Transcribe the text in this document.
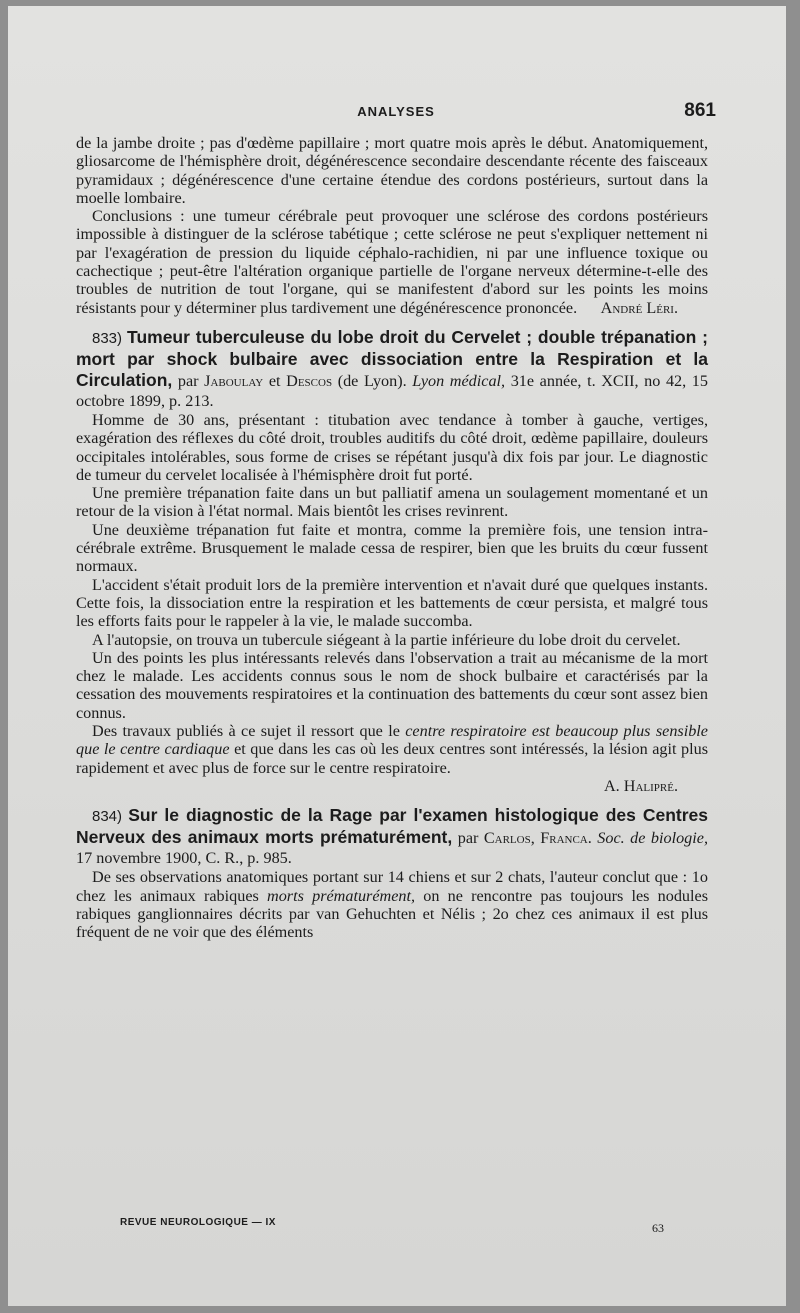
ANALYSES	861

de la jambe droite ; pas d'œdème papillaire ; mort quatre mois après le début. Anatomiquement, gliosarcome de l'hémisphère droit, dégénérescence secondaire descendante récente des faisceaux pyramidaux ; dégénérescence d'une certaine étendue des cordons postérieurs, surtout dans la moelle lombaire.

Conclusions : une tumeur cérébrale peut provoquer une sclérose des cordons postérieurs impossible à distinguer de la sclérose tabétique ; cette sclérose ne peut s'expliquer nettement ni par l'exagération de pression du liquide céphalo-rachidien, ni par une influence toxique ou cachectique ; peut-être l'altération organique partielle de l'organe nerveux détermine-t-elle des troubles de nutrition de tout l'organe, qui se manifestent d'abord sur les points les moins résistants pour y déterminer plus tardivement une dégénérescence prononcée.	André Léri.

833) Tumeur tuberculeuse du lobe droit du Cervelet ; double trépanation ; mort par shock bulbaire avec dissociation entre la Respiration et la Circulation, par Jaboulay et Descos (de Lyon). Lyon médical, 31e année, t. XCII, no 42, 15 octobre 1899, p. 213.

Homme de 30 ans, présentant : titubation avec tendance à tomber à gauche, vertiges, exagération des réflexes du côté droit, troubles auditifs du côté droit, œdème papillaire, douleurs occipitales intolérables, sous forme de crises se répétant jusqu'à dix fois par jour. Le diagnostic de tumeur du cervelet localisée à l'hémisphère droit fut porté.

Une première trépanation faite dans un but palliatif amena un soulagement momentané et un retour de la vision à l'état normal. Mais bientôt les crises revinrent.

Une deuxième trépanation fut faite et montra, comme la première fois, une tension intra-cérébrale extrême. Brusquement le malade cessa de respirer, bien que les bruits du cœur fussent normaux.

L'accident s'était produit lors de la première intervention et n'avait duré que quelques instants. Cette fois, la dissociation entre la respiration et les battements de cœur persista, et malgré tous les efforts faits pour le rappeler à la vie, le malade succomba.

A l'autopsie, on trouva un tubercule siégeant à la partie inférieure du lobe droit du cervelet.

Un des points les plus intéressants relevés dans l'observation a trait au mécanisme de la mort chez le malade. Les accidents connus sous le nom de shock bulbaire et caractérisés par la cessation des mouvements respiratoires et la continuation des battements du cœur sont assez bien connus.

Des travaux publiés à ce sujet il ressort que le centre respiratoire est beaucoup plus sensible que le centre cardiaque et que dans les cas où les deux centres sont intéressés, la lésion agit plus rapidement et avec plus de force sur le centre respiratoire.

A. Halipré.

834) Sur le diagnostic de la Rage par l'examen histologique des Centres Nerveux des animaux morts prématurément, par Carlos, Franca. Soc. de biologie, 17 novembre 1900, C. R., p. 985.

De ses observations anatomiques portant sur 14 chiens et sur 2 chats, l'auteur conclut que : 1o chez les animaux rabiques morts prématurément, on ne rencontre pas toujours les nodules rabiques ganglionnaires décrits par van Gehuchten et Nélis ; 2o chez ces animaux il est plus fréquent de ne voir que des éléments

REVUE NEUROLOGIQUE — IX	63
